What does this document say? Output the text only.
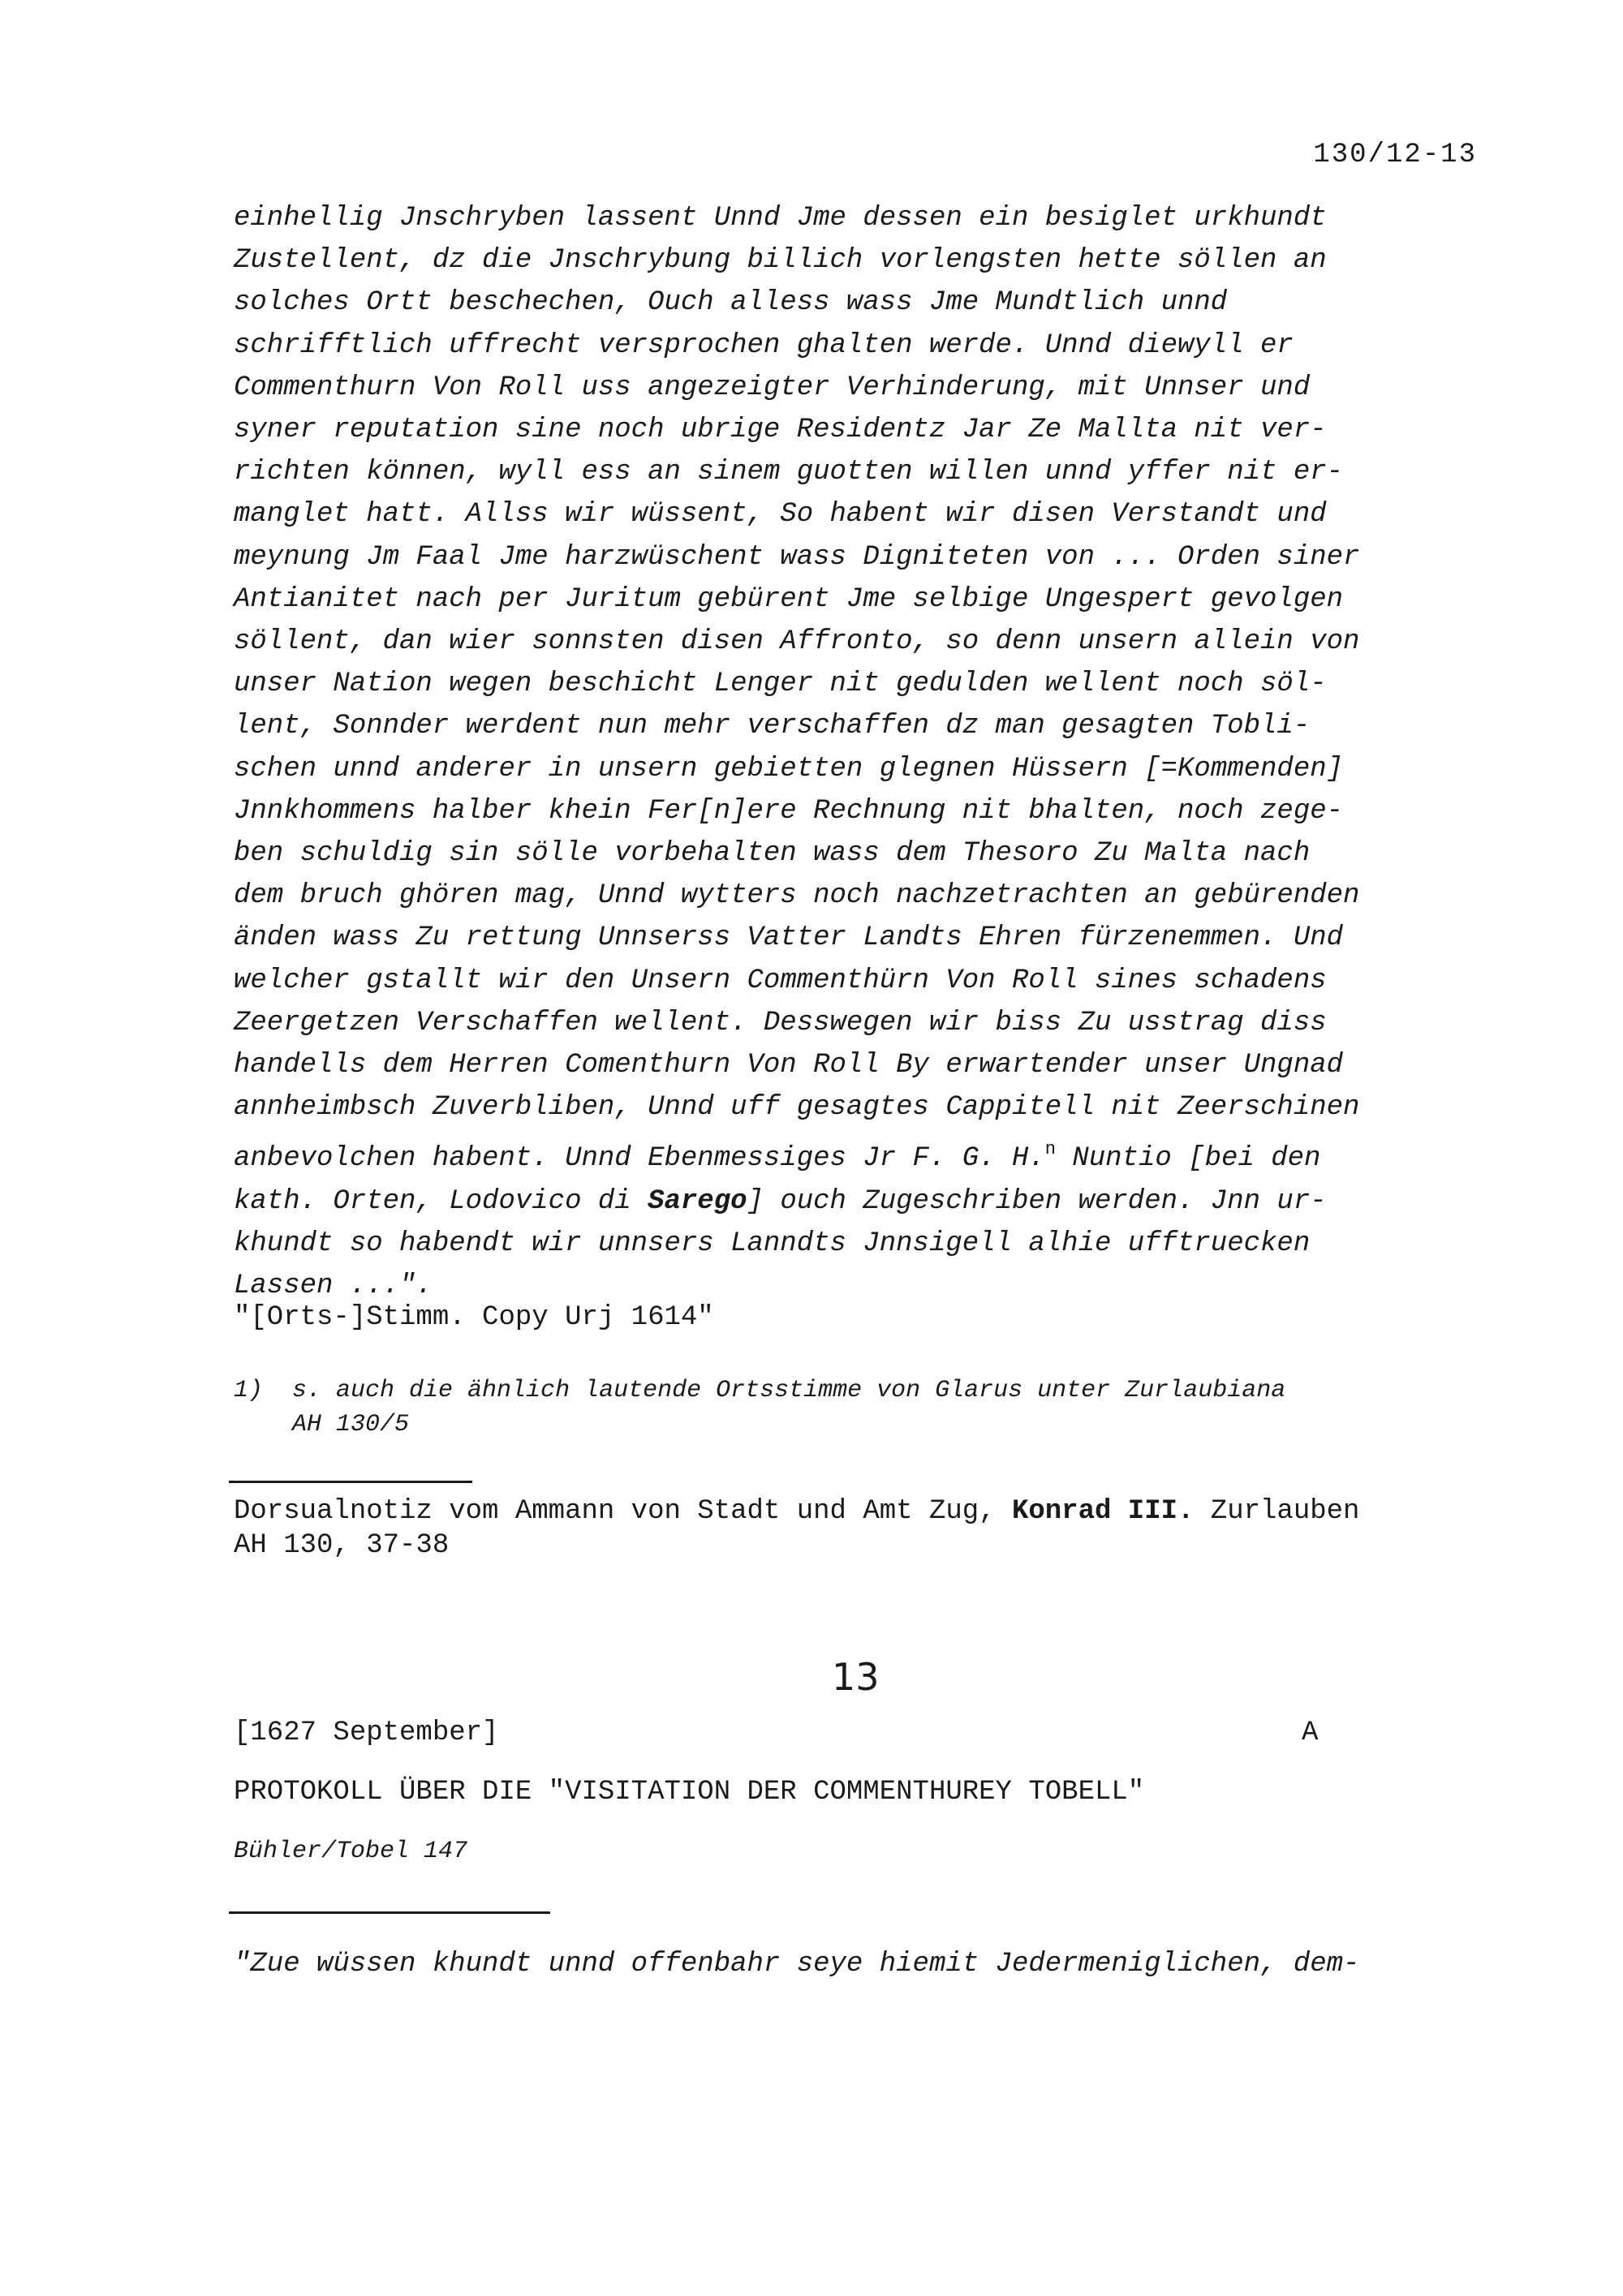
130/12-13
einhellig Jnschryben lassent Unnd Jme dessen ein besiglet urkhundt
Zustellent, dz die Jnschrybung billich vorlengsten hette söllen an
solches Ortt beschechen, Ouch alless wass Jme Mundtlich unnd
schrifftlich uffrecht versprochen ghalten werde. Unnd diewyll er
Commenthurn Von Roll uss angezeigter Verhinderung, mit Unnser und
syner reputation sine noch ubrige Residentz Jar Ze Mallta nit ver-
richten können, wyll ess an sinem guotten willen unnd yffer nit er-
manglet hatt. Allss wir wüssent, So habent wir disen Verstandt und
meynung Jm Faal Jme harzwüschent wass Digniteten von ... Orden siner
Antianitet nach per Juritum gebürent Jme selbige Ungespert gevolgen
söllent, dan wier sonnsten disen Affronto, so denn unsern allein von
unser Nation wegen beschicht Lenger nit gedulden wellent noch söl-
lent, Sonnder werdent nun mehr verschaffen dz man gesagten Tobli-
schen unnd anderer in unsern gebietten glegnen Hüssern [=Kommenden]
Jnnkhommens halber khein Fer[n]ere Rechnung nit bhalten, noch zege-
ben schuldig sin sölle vorbehalten wass dem Thesoro Zu Malta nach
dem bruch ghören mag, Unnd wytters noch nachzetrachten an gebürenden
änden wass Zu rettung Unnserss Vatter Landts Ehren fürzenemmen. Und
welcher gstallt wir den Unsern Commenthürn Von Roll sines schadens
Zeergetzen Verschaffen wellent. Desswegen wir biss Zu usstrag diss
handells dem Herren Comenthurn Von Roll By erwartender unser Ungnad
annheimbsch Zuverbliben, Unnd uff gesagtes Cappitell nit Zeerschinen
anbevolchen habent. Unnd Ebenmessiges Jr F. G. H.$^n$ Nuntio [bei den
kath. Orten, Lodovico di Sarego] ouch Zugeschriben werden. Jnn ur-
khundt so habendt wir unnsers Lanndts Jnnsigell alhie ufftruecken
Lassen ...".
"[Orts-]Stimm. Copy Urj 1614"
1)  s. auch die ähnlich lautende Ortsstimme von Glarus unter Zurlaubiana
AH 130/5
Dorsualnotiz vom Ammann von Stadt und Amt Zug, Konrad III. Zurlauben
AH 130, 37-38
13
[1627 September]	A
PROTOKOLL ÜBER DIE "VISITATION DER COMMENTHUREY TOBELL"
Bühler/Tobel 147
"Zue wüssen khundt unnd offenbahr seye hiemit Jedermeniglichen, dem-
